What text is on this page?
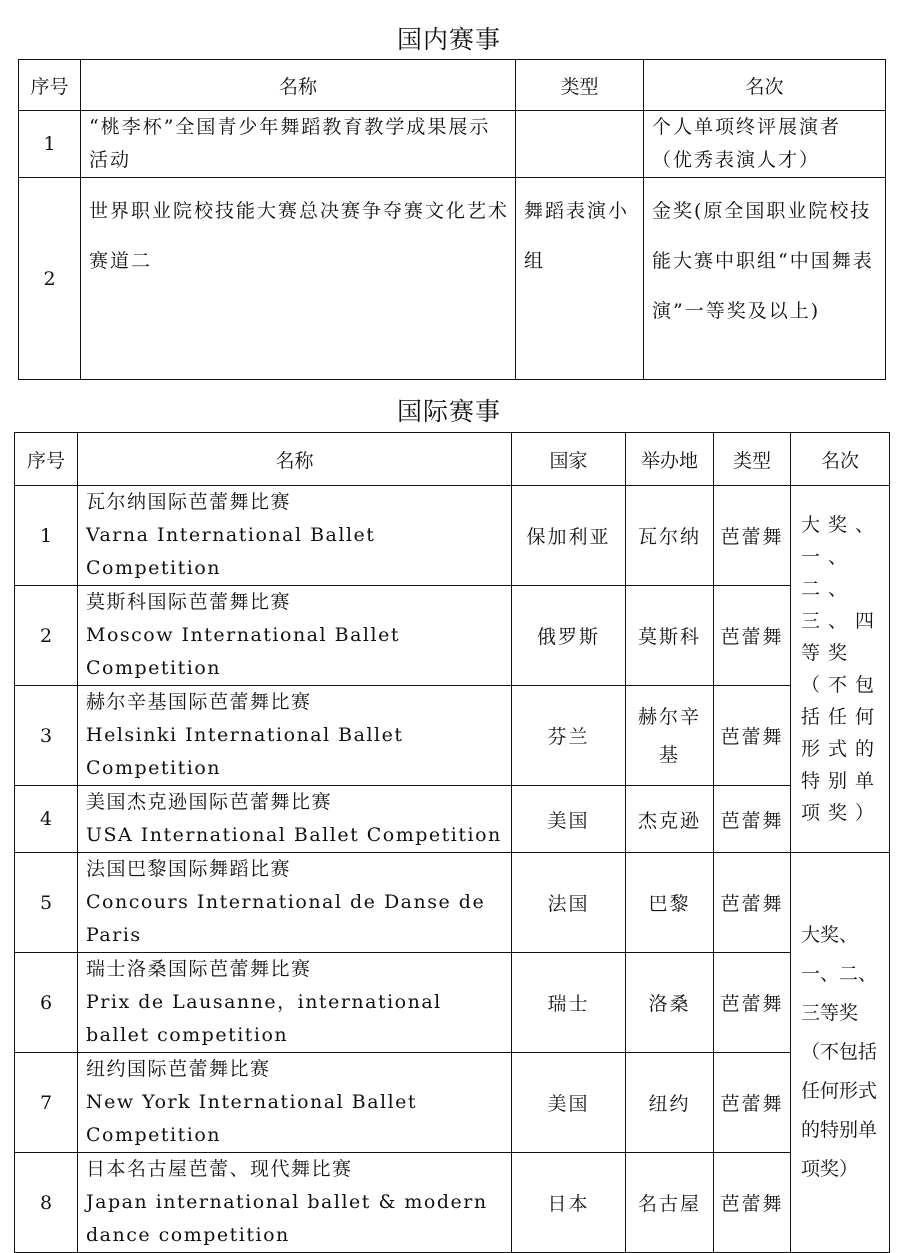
国内赛事
序号	名称	类型	名次
1	“桃李杯”全国青少年舞蹈教育教学成果展示活动		个人单项终评展演者（优秀表演人才）
2	世界职业院校技能大赛总决赛争夺赛文化艺术赛道二	舞蹈表演小组	金奖(原全国职业院校技能大赛中职组“中国舞表演”一等奖及以上)
国际赛事
序号	名称	国家	举办地	类型	名次
1	瓦尔纳国际芭蕾舞比赛
Varna International Ballet Competition	保加利亚	瓦尔纳	芭蕾舞	大奖、一、二、三、四等奖（不包括任何形式的特别单项奖）
2	莫斯科国际芭蕾舞比赛
Moscow International Ballet Competition	俄罗斯	莫斯科	芭蕾舞	
3	赫尔辛基国际芭蕾舞比赛
Helsinki International Ballet Competition	芬兰	赫尔辛基	芭蕾舞	
4	美国杰克逊国际芭蕾舞比赛
USA International Ballet Competition	美国	杰克逊	芭蕾舞	
5	法国巴黎国际舞蹈比赛
Concours International de Danse de Paris	法国	巴黎	芭蕾舞	大奖、一、二、三等奖（不包括任何形式的特别单项奖）
6	瑞士洛桑国际芭蕾舞比赛
Prix de Lausanne，international ballet competition	瑞士	洛桑	芭蕾舞	
7	纽约国际芭蕾舞比赛
New York International Ballet Competition	美国	纽约	芭蕾舞	
8	日本名古屋芭蕾、现代舞比赛
Japan international ballet & modern dance competition	日本	名古屋	芭蕾舞	
